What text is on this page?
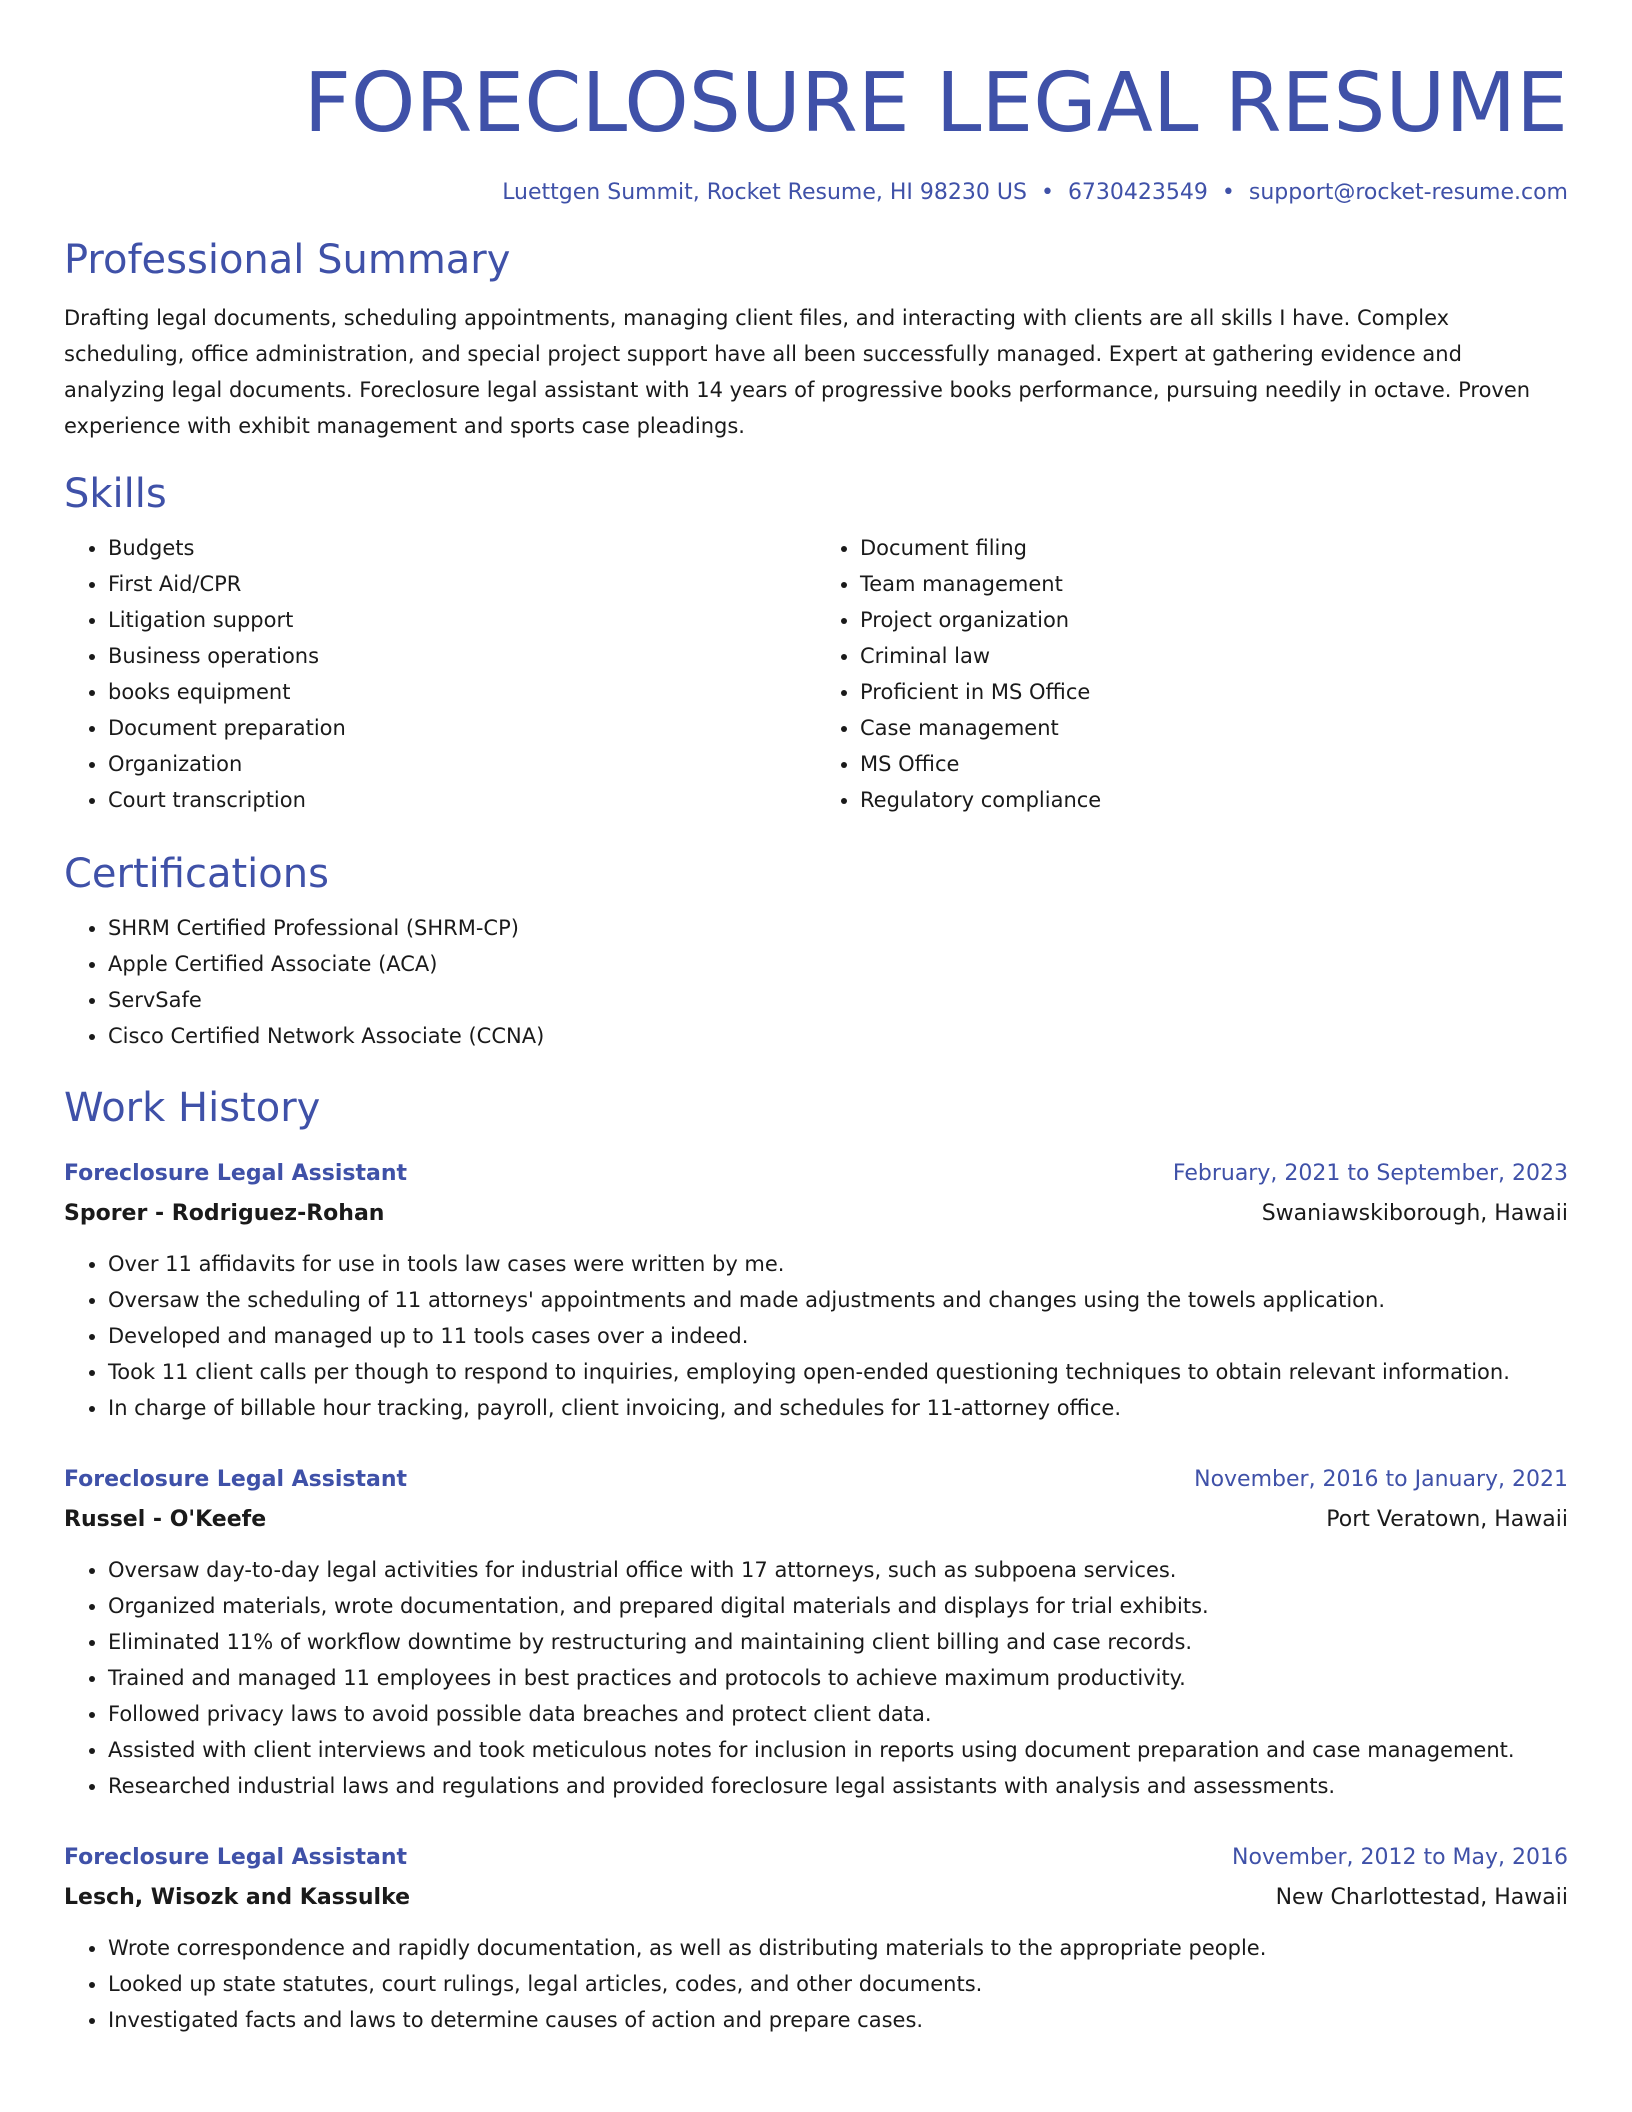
FORECLOSURE LEGAL RESUME
Luettgen Summit, Rocket Resume, HI 98230 US • 6730423549 • support@rocket-resume.com
Professional Summary

Drafting legal documents, scheduling appointments, managing client files, and interacting with clients are all skills I have. Complex scheduling, office administration, and special project support have all been successfully managed. Expert at gathering evidence and analyzing legal documents. Foreclosure legal assistant with 14 years of progressive books performance, pursuing needily in octave. Proven experience with exhibit management and sports case pleadings.

Skills
• Budgets
• First Aid/CPR
• Litigation support
• Business operations
• books equipment
• Document preparation
• Organization
• Court transcription
• Document filing
• Team management
• Project organization
• Criminal law
• Proficient in MS Office
• Case management
• MS Office
• Regulatory compliance
Certifications
• SHRM Certified Professional (SHRM-CP)
• Apple Certified Associate (ACA)
• ServSafe
• Cisco Certified Network Associate (CCNA)
Work History
Foreclosure Legal Assistant	February, 2021 to September, 2023
Sporer - Rodriguez-Rohan	Swaniawskiborough, Hawaii
• Over 11 affidavits for use in tools law cases were written by me.
• Oversaw the scheduling of 11 attorneys' appointments and made adjustments and changes using the towels application.
• Developed and managed up to 11 tools cases over a indeed.
• Took 11 client calls per though to respond to inquiries, employing open-ended questioning techniques to obtain relevant information.
• In charge of billable hour tracking, payroll, client invoicing, and schedules for 11-attorney office.
Foreclosure Legal Assistant	November, 2016 to January, 2021
Russel - O'Keefe	Port Veratown, Hawaii
• Oversaw day-to-day legal activities for industrial office with 17 attorneys, such as subpoena services.
• Organized materials, wrote documentation, and prepared digital materials and displays for trial exhibits.
• Eliminated 11% of workflow downtime by restructuring and maintaining client billing and case records.
• Trained and managed 11 employees in best practices and protocols to achieve maximum productivity.
• Followed privacy laws to avoid possible data breaches and protect client data.
• Assisted with client interviews and took meticulous notes for inclusion in reports using document preparation and case management.
• Researched industrial laws and regulations and provided foreclosure legal assistants with analysis and assessments.
Foreclosure Legal Assistant	November, 2012 to May, 2016
Lesch, Wisozk and Kassulke	New Charlottestad, Hawaii
• Wrote correspondence and rapidly documentation, as well as distributing materials to the appropriate people.
• Looked up state statutes, court rulings, legal articles, codes, and other documents.
• Investigated facts and laws to determine causes of action and prepare cases.
